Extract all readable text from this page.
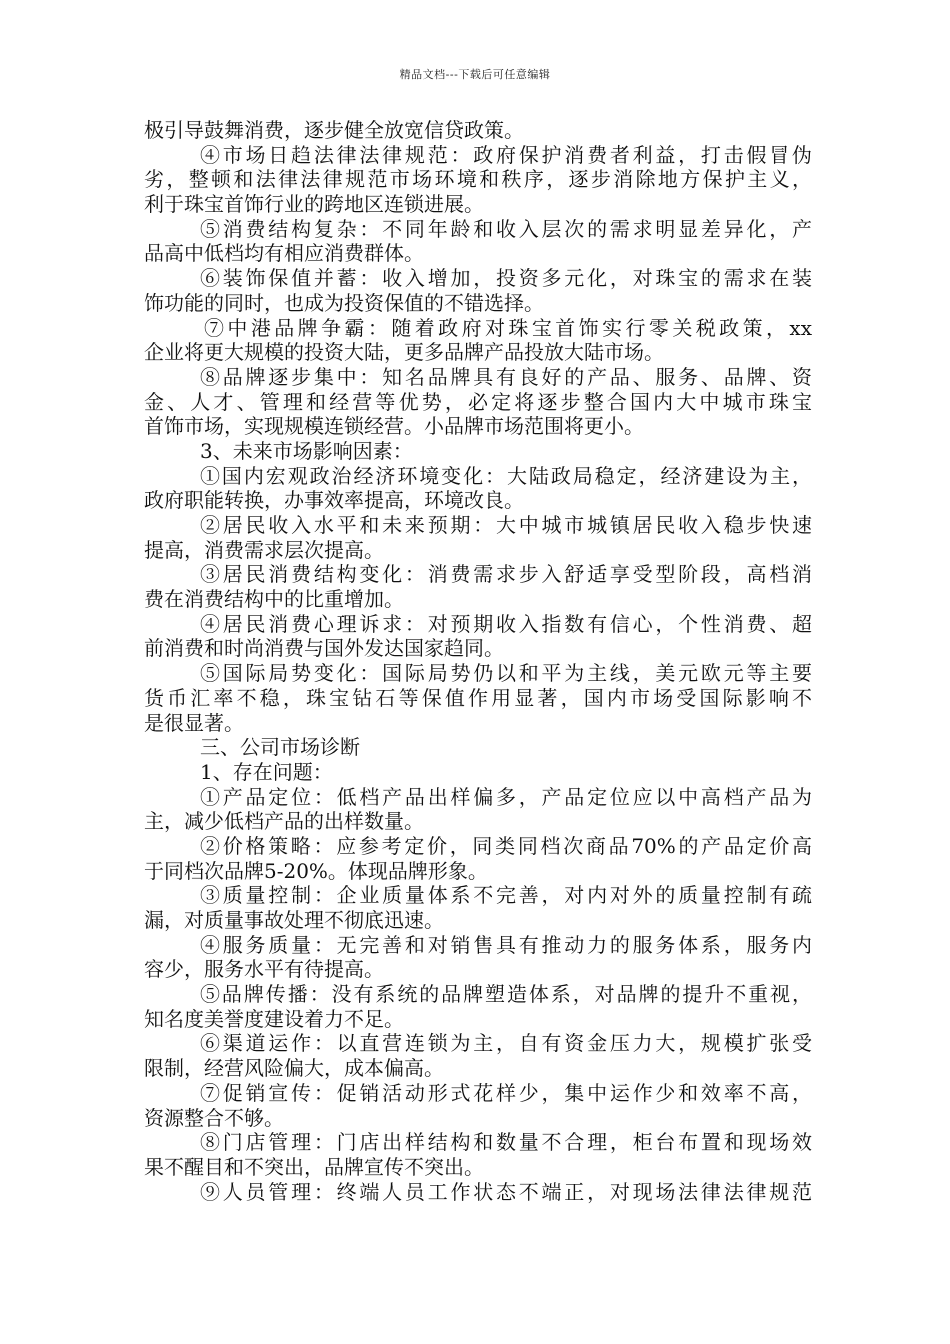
精品文档---下载后可任意编辑
极引导鼓舞消费，逐步健全放宽信贷政策。
④市场日趋法律法律规范：政府保护消费者利益，打击假冒伪
劣，整顿和法律法律规范市场环境和秩序，逐步消除地方保护主义，
利于珠宝首饰行业的跨地区连锁进展。
⑤消费结构复杂：不同年龄和收入层次的需求明显差异化，产
品高中低档均有相应消费群体。
⑥装饰保值并蓄：收入增加，投资多元化，对珠宝的需求在装
饰功能的同时，也成为投资保值的不错选择。
⑦中港品牌争霸：随着政府对珠宝首饰实行零关税政策，xx
企业将更大规模的投资大陆，更多品牌产品投放大陆市场。
⑧品牌逐步集中：知名品牌具有良好的产品、服务、品牌、资
金、人才、管理和经营等优势，必定将逐步整合国内大中城市珠宝
首饰市场，实现规模连锁经营。小品牌市场范围将更小。
3、未来市场影响因素：
①国内宏观政治经济环境变化：大陆政局稳定，经济建设为主，
政府职能转换，办事效率提高，环境改良。
②居民收入水平和未来预期：大中城市城镇居民收入稳步快速
提高，消费需求层次提高。
③居民消费结构变化：消费需求步入舒适享受型阶段，高档消
费在消费结构中的比重增加。
④居民消费心理诉求：对预期收入指数有信心，个性消费、超
前消费和时尚消费与国外发达国家趋同。
⑤国际局势变化：国际局势仍以和平为主线，美元欧元等主要
货币汇率不稳，珠宝钻石等保值作用显著，国内市场受国际影响不
是很显著。
三、公司市场诊断
1、存在问题：
①产品定位：低档产品出样偏多，产品定位应以中高档产品为
主，减少低档产品的出样数量。
②价格策略：应参考定价，同类同档次商品70%的产品定价高
于同档次品牌5-20%。体现品牌形象。
③质量控制：企业质量体系不完善，对内对外的质量控制有疏
漏，对质量事故处理不彻底迅速。
④服务质量：无完善和对销售具有推动力的服务体系，服务内
容少，服务水平有待提高。
⑤品牌传播：没有系统的品牌塑造体系，对品牌的提升不重视，
知名度美誉度建设着力不足。
⑥渠道运作：以直营连锁为主，自有资金压力大，规模扩张受
限制，经营风险偏大，成本偏高。
⑦促销宣传：促销活动形式花样少，集中运作少和效率不高，
资源整合不够。
⑧门店管理：门店出样结构和数量不合理，柜台布置和现场效
果不醒目和不突出，品牌宣传不突出。
⑨人员管理：终端人员工作状态不端正，对现场法律法律规范
